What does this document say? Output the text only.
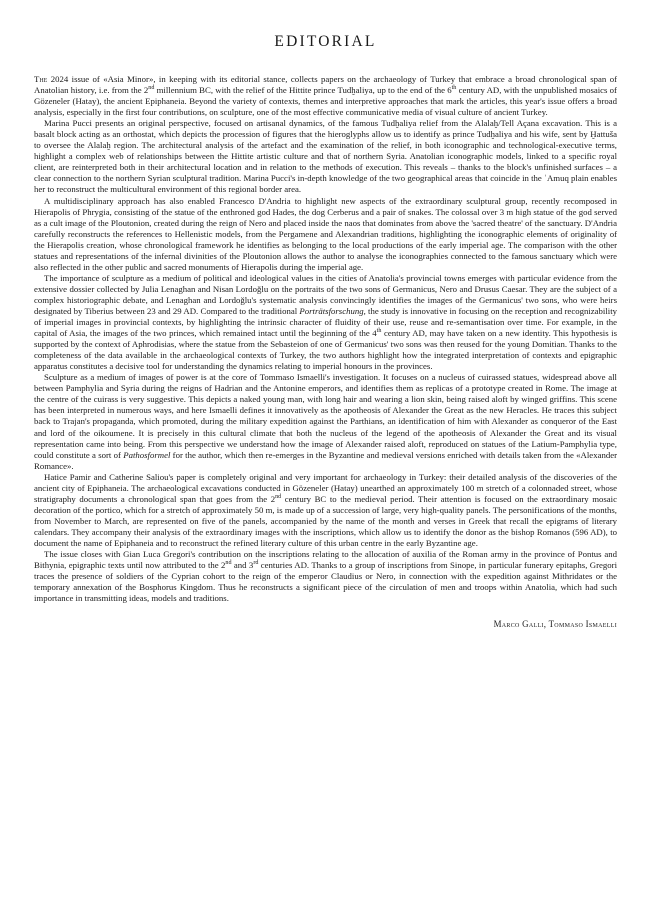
EDITORIAL

The 2024 issue of «Asia Minor», in keeping with its editorial stance, collects papers on the archaeology of Turkey that embrace a broad chronological span of Anatolian history, i.e. from the 2nd millennium BC, with the relief of the Hittite prince Tudḫaliya, up to the end of the 6th century AD, with the unpublished mosaics of Gözeneler (Hatay), the ancient Epiphaneia. Beyond the variety of contexts, themes and interpretive approaches that mark the articles, this year's issue offers a broad analysis, especially in the first four contributions, on sculpture, one of the most effective communicative media of visual culture of ancient Turkey.

Marina Pucci presents an original perspective, focused on artisanal dynamics, of the famous Tudḫaliya relief from the Alalaḫ/Tell Açana excavation. This is a basalt block acting as an orthostat, which depicts the procession of figures that the hieroglyphs allow us to identify as prince Tudḫaliya and his wife, sent by Ḫattuša to oversee the Alalaḫ region. The architectural analysis of the artefact and the examination of the relief, in both iconographic and technological-executive terms, highlight a complex web of relationships between the Hittite artistic culture and that of northern Syria. Anatolian iconographic models, linked to a specific royal client, are reinterpreted both in their architectural location and in relation to the methods of execution. This reveals – thanks to the block's unfinished surfaces – a clear connection to the northern Syrian sculptural tradition. Marina Pucci's in-depth knowledge of the two geographical areas that coincide in the ʿAmuq plain enables her to reconstruct the multicultural environment of this regional border area.

A multidisciplinary approach has also enabled Francesco D'Andria to highlight new aspects of the extraordinary sculptural group, recently recomposed in Hierapolis of Phrygia, consisting of the statue of the enthroned god Hades, the dog Cerberus and a pair of snakes. The colossal over 3 m high statue of the god served as a cult image of the Ploutonion, created during the reign of Nero and placed inside the naos that dominates from above the 'sacred theatre' of the sanctuary. D'Andria carefully reconstructs the references to Hellenistic models, from the Pergamene and Alexandrian traditions, highlighting the iconographic elements of originality of the Hierapolis creation, whose chronological framework he identifies as belonging to the local productions of the early imperial age. The comparison with the other statues and representations of the infernal divinities of the Ploutonion allows the author to analyse the iconographies connected to the famous sanctuary which were also reflected in the other public and sacred monuments of Hierapolis during the imperial age.

The importance of sculpture as a medium of political and ideological values in the cities of Anatolia's provincial towns emerges with particular evidence from the extensive dossier collected by Julia Lenaghan and Nisan Lordoğlu on the portraits of the two sons of Germanicus, Nero and Drusus Caesar. They are the subject of a complex historiographic debate, and Lenaghan and Lordoğlu's systematic analysis convincingly identifies the images of the Germanicus' two sons, who were heirs designated by Tiberius between 23 and 29 AD. Compared to the traditional Porträtsforschung, the study is innovative in focusing on the reception and recognizability of imperial images in provincial contexts, by highlighting the intrinsic character of fluidity of their use, reuse and re-semantisation over time. For example, in the capital of Asia, the images of the two princes, which remained intact until the beginning of the 4th century AD, may have taken on a new identity. This hypothesis is supported by the context of Aphrodisias, where the statue from the Sebasteion of one of Germanicus' two sons was then reused for the young Domitian. Thanks to the completeness of the data available in the archaeological contexts of Turkey, the two authors highlight how the integrated interpretation of contexts and epigraphic apparatus constitutes a decisive tool for understanding the dynamics relating to imperial honours in the provinces.

Sculpture as a medium of images of power is at the core of Tommaso Ismaelli's investigation. It focuses on a nucleus of cuirassed statues, widespread above all between Pamphylia and Syria during the reigns of Hadrian and the Antonine emperors, and identifies them as replicas of a prototype created in Rome. The image at the centre of the cuirass is very suggestive. This depicts a naked young man, with long hair and wearing a lion skin, being raised aloft by winged griffins. This scene has been interpreted in numerous ways, and here Ismaelli defines it innovatively as the apotheosis of Alexander the Great as the new Heracles. He traces this subject back to Trajan's propaganda, which promoted, during the military expedition against the Parthians, an identification of him with Alexander as conqueror of the East and lord of the oikoumene. It is precisely in this cultural climate that both the nucleus of the legend of the apotheosis of Alexander the Great and its visual representation came into being. From this perspective we understand how the image of Alexander raised aloft, reproduced on statues of the Latium-Pamphylia type, could constitute a sort of Pathosformel for the author, which then re-emerges in the Byzantine and medieval versions enriched with details taken from the «Alexander Romance».

Hatice Pamir and Catherine Saliou's paper is completely original and very important for archaeology in Turkey: their detailed analysis of the discoveries of the ancient city of Epiphaneia. The archaeological excavations conducted in Gözeneler (Hatay) unearthed an approximately 100 m stretch of a colonnaded street, whose stratigraphy documents a chronological span that goes from the 2nd century BC to the medieval period. Their attention is focused on the extraordinary mosaic decoration of the portico, which for a stretch of approximately 50 m, is made up of a succession of large, very high-quality panels. The personifications of the months, from November to March, are represented on five of the panels, accompanied by the name of the month and verses in Greek that recall the epigrams of literary calendars. They accompany their analysis of the extraordinary images with the inscriptions, which allow us to identify the donor as the bishop Romanos (596 AD), to document the name of Epiphaneia and to reconstruct the refined literary culture of this urban centre in the early Byzantine age.

The issue closes with Gian Luca Gregori's contribution on the inscriptions relating to the allocation of auxilia of the Roman army in the province of Pontus and Bithynia, epigraphic texts until now attributed to the 2nd and 3rd centuries AD. Thanks to a group of inscriptions from Sinope, in particular funerary epitaphs, Gregori traces the presence of soldiers of the Cyprian cohort to the reign of the emperor Claudius or Nero, in connection with the expedition against Mithridates or the temporary annexation of the Bosphorus Kingdom. Thus he reconstructs a significant piece of the circulation of men and troops within Anatolia, which had such importance in transmitting ideas, models and traditions.

Marco Galli, Tommaso Ismaelli
